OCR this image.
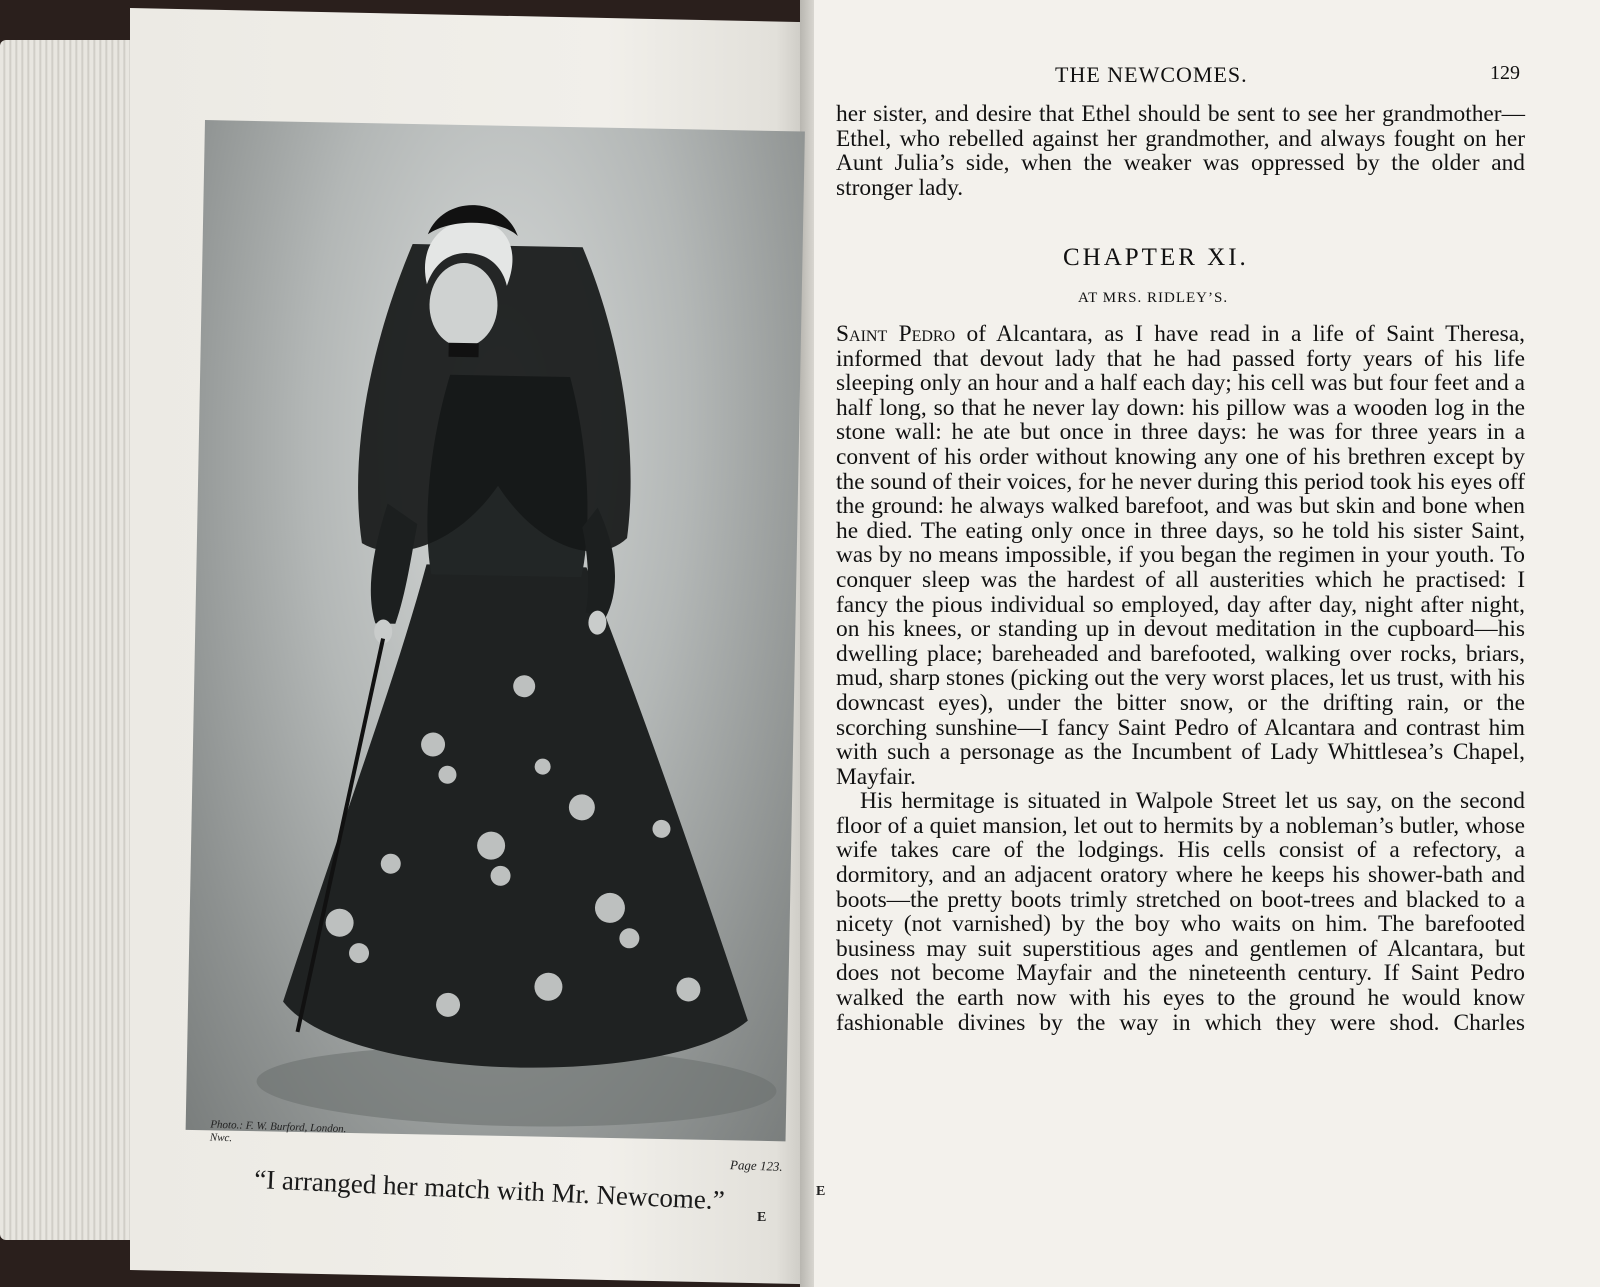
Photo.: F. W. Burford, London.
Nwc.
“I arranged her match with Mr. Newcome.” Page 123.
E
THE NEWCOMES.	129

her sister, and desire that Ethel should be sent to see her grandmother—Ethel, who rebelled against her grandmother, and always fought on her Aunt Julia’s side, when the weaker was oppressed by the older and stronger lady.

CHAPTER XI.
AT MRS. RIDLEY’S.

Saint Pedro of Alcantara, as I have read in a life of Saint Theresa, informed that devout lady that he had passed forty years of his life sleeping only an hour and a half each day; his cell was but four feet and a half long, so that he never lay down: his pillow was a wooden log in the stone wall: he ate but once in three days: he was for three years in a convent of his order without knowing any one of his brethren except by the sound of their voices, for he never during this period took his eyes off the ground: he always walked barefoot, and was but skin and bone when he died. The eating only once in three days, so he told his sister Saint, was by no means impossible, if you began the regimen in your youth. To conquer sleep was the hardest of all austerities which he practised: I fancy the pious individual so employed, day after day, night after night, on his knees, or standing up in devout meditation in the cupboard—his dwelling place; bareheaded and barefooted, walking over rocks, briars, mud, sharp stones (picking out the very worst places, let us trust, with his downcast eyes), under the bitter snow, or the drifting rain, or the scorching sunshine—I fancy Saint Pedro of Alcantara and contrast him with such a personage as the Incumbent of Lady Whittlesea’s Chapel, Mayfair.

His hermitage is situated in Walpole Street let us say, on the second floor of a quiet mansion, let out to hermits by a nobleman’s butler, whose wife takes care of the lodgings. His cells consist of a refectory, a dormitory, and an adjacent oratory where he keeps his shower-bath and boots—the pretty boots trimly stretched on boot-trees and blacked to a nicety (not varnished) by the boy who waits on him. The barefooted business may suit superstitious ages and gentlemen of Alcantara, but does not become Mayfair and the nineteenth century. If Saint Pedro walked the earth now with his eyes to the ground he would know fashionable divines by the way in which they were shod. Charles

E
